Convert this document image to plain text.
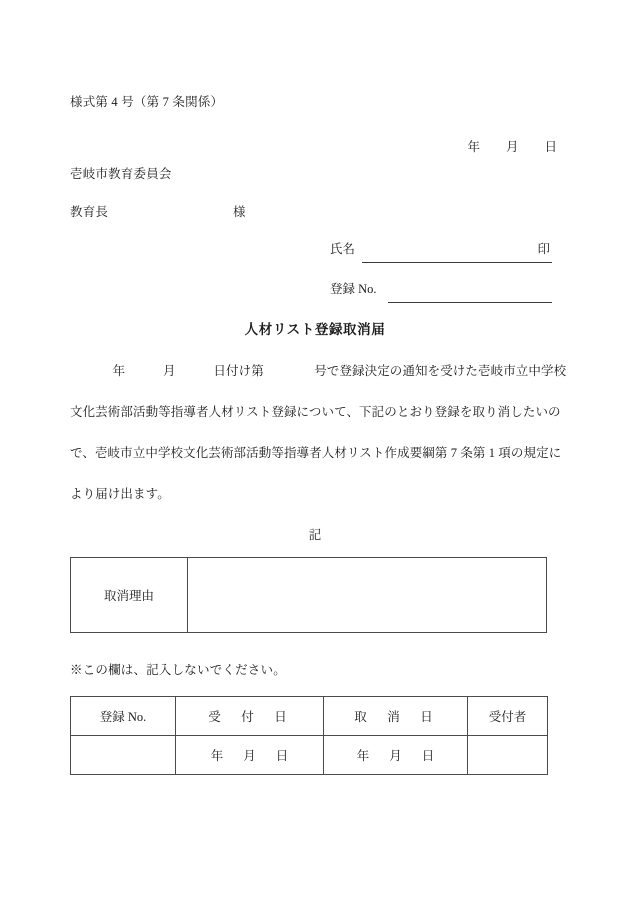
様式第 4 号（第 7 条関係）

年 月 日

壱岐市教育委員会
教育長	様
氏名	印
登録 No.
人材リスト登録取消届
　年　　　月　　　日付け第　　　　号で登録決定の通知を受けた壱岐市立中学校
文化芸術部活動等指導者人材リスト登録について、下記のとおり登録を取り消したいの
で、壱岐市立中学校文化芸術部活動等指導者人材リスト作成要綱第 7 条第 1 項の規定に
より届け出ます。
記
取消理由	
※この欄は、記入しないでください。
登録 No.	受　付　日	取　消　日	受付者
	年 月 日	年 月 日	
